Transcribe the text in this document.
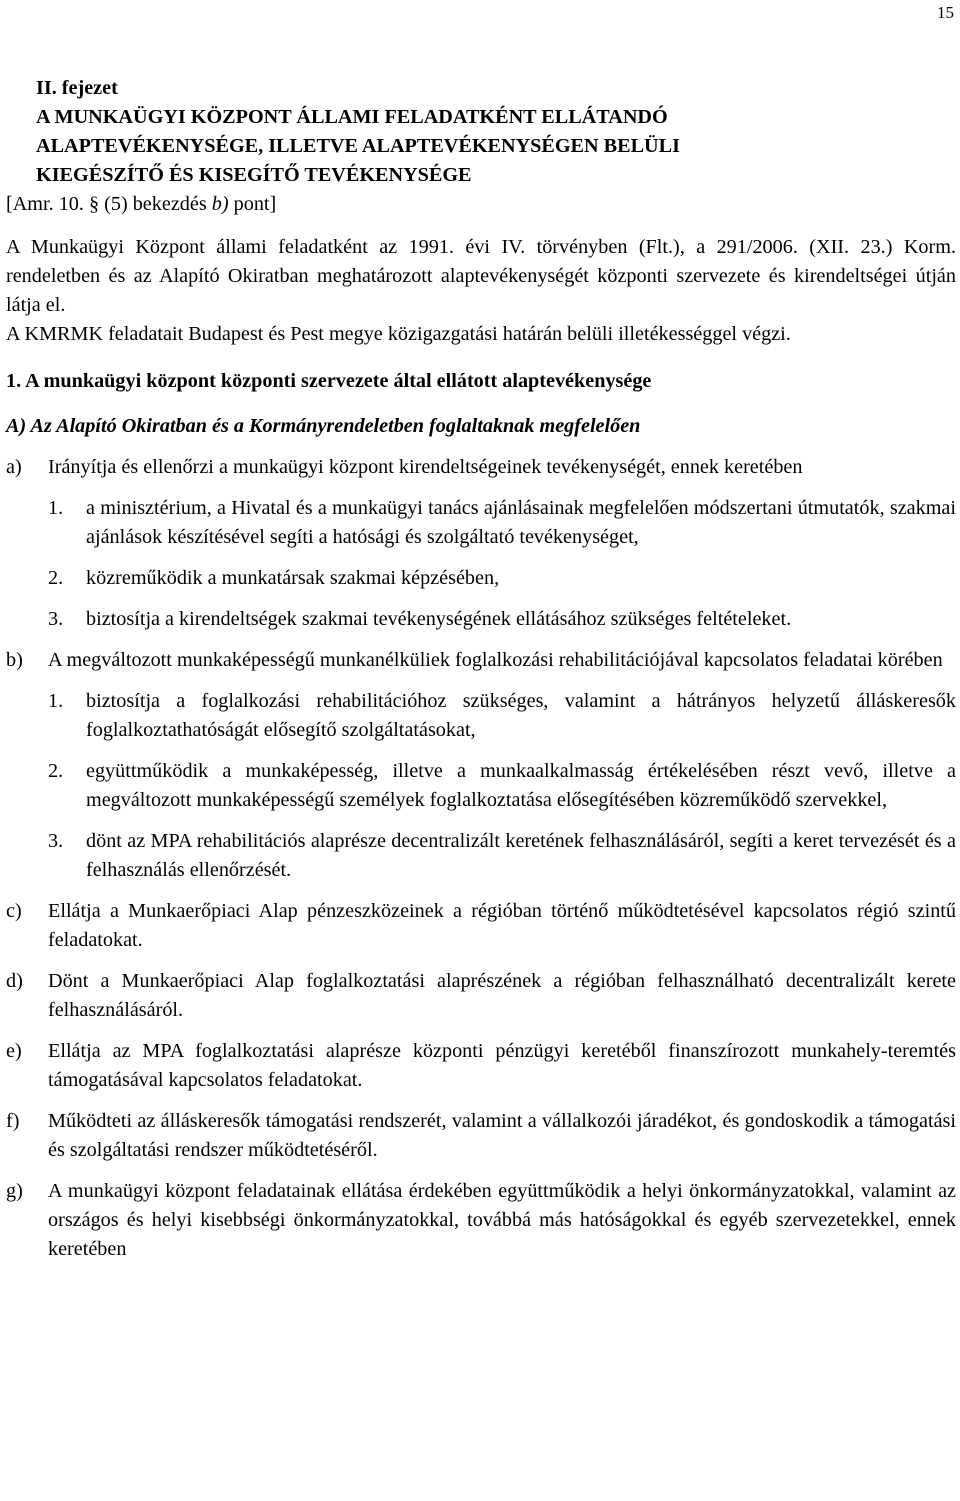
15
II. fejezet
A MUNKAÜGYI KÖZPONT ÁLLAMI FELADATKÉNT ELLÁTANDÓ
ALAPTEVÉKENYSÉGE, ILLETVE ALAPTEVÉKENYSÉGEN BELÜLI
KIEGÉSZÍTŐ ÉS KISEGÍTŐ TEVÉKENYSÉGE
[Amr. 10. § (5) bekezdés b) pont]
A Munkaügyi Központ állami feladatként az 1991. évi IV. törvényben (Flt.), a 291/2006. (XII. 23.) Korm. rendeletben és az Alapító Okiratban meghatározott alaptevékenységét központi szervezete és kirendeltségei útján látja el.
A KMRMK feladatait Budapest és Pest megye közigazgatási határán belüli illetékességgel végzi.
1. A munkaügyi központ központi szervezete által ellátott alaptevékenysége
A) Az Alapító Okiratban és a Kormányrendeletben foglaltaknak megfelelően
a)	Irányítja és ellenőrzi a munkaügyi központ kirendeltségeinek tevékenységét, ennek keretében
1.	a minisztérium, a Hivatal és a munkaügyi tanács ajánlásainak megfelelően módszertani útmutatók, szakmai ajánlások készítésével segíti a hatósági és szolgáltató tevékenységet,
2.	közreműködik a munkatársak szakmai képzésében,
3.	biztosítja a kirendeltségek szakmai tevékenységének ellátásához szükséges feltételeket.
b)	A megváltozott munkaképességű munkanélküliek foglalkozási rehabilitációjával kapcsolatos feladatai körében
1.	biztosítja a foglalkozási rehabilitációhoz szükséges, valamint a hátrányos helyzetű álláskeresők foglalkoztathatóságát elősegítő szolgáltatásokat,
2.	együttműködik a munkaképesség, illetve a munkaalkalmasság értékelésében részt vevő, illetve a megváltozott munkaképességű személyek foglalkoztatása elősegítésében közreműködő szervekkel,
3.	dönt az MPA rehabilitációs alaprésze decentralizált keretének felhasználásáról, segíti a keret tervezését és a felhasználás ellenőrzését.
c)	Ellátja a Munkaerőpiaci Alap pénzeszközeinek a régióban történő működtetésével kapcsolatos régió szintű feladatokat.
d)	Dönt a Munkaerőpiaci Alap foglalkoztatási alaprészének a régióban felhasználható decentralizált kerete felhasználásáról.
e)	Ellátja az MPA foglalkoztatási alaprésze központi pénzügyi keretéből finanszírozott munkahely-teremtés támogatásával kapcsolatos feladatokat.
f)	Működteti az álláskeresők támogatási rendszerét, valamint a vállalkozói járadékot, és gondoskodik a támogatási és szolgáltatási rendszer működtetéséről.
g)	A munkaügyi központ feladatainak ellátása érdekében együttműködik a helyi önkormányzatokkal, valamint az országos és helyi kisebbségi önkormányzatokkal, továbbá más hatóságokkal és egyéb szervezetekkel, ennek keretében
